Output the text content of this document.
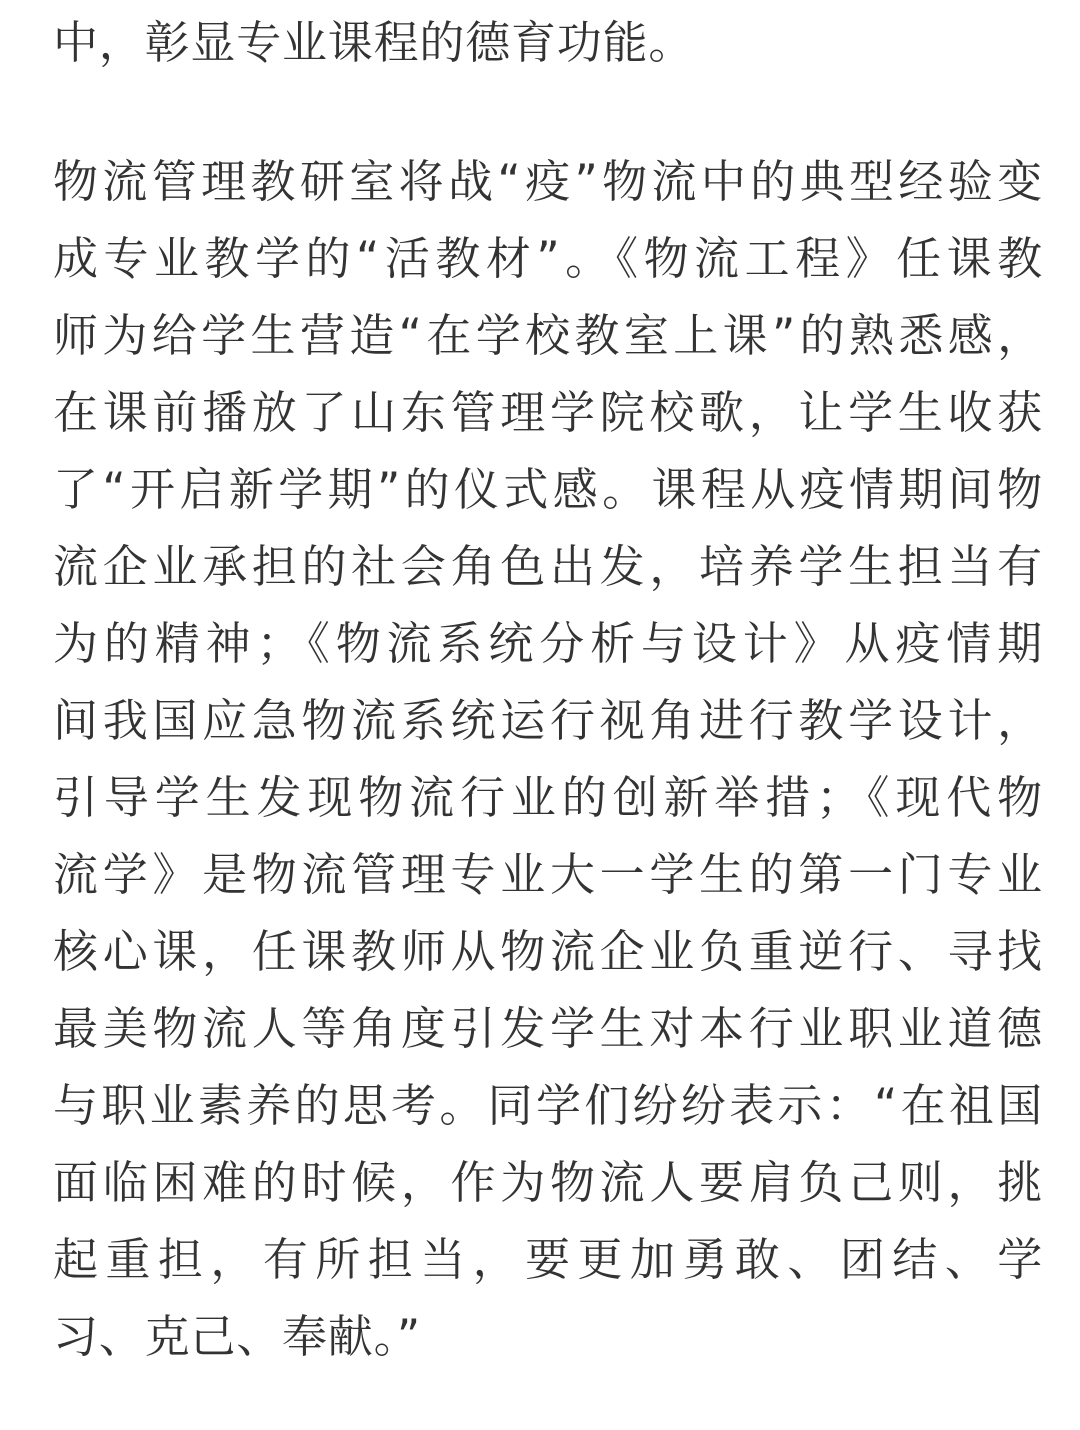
中，彰显专业课程的德育功能。
物流管理教研室将战“疫”物流中的典型经验变
成专业教学的“活教材”。《物流工程》任课教
师为给学生营造“在学校教室上课”的熟悉感，
在课前播放了山东管理学院校歌，让学生收获
了“开启新学期”的仪式感。课程从疫情期间物
流企业承担的社会角色出发，培养学生担当有
为的精神；《物流系统分析与设计》从疫情期
间我国应急物流系统运行视角进行教学设计，
引导学生发现物流行业的创新举措；《现代物
流学》是物流管理专业大一学生的第一门专业
核心课，任课教师从物流企业负重逆行、寻找
最美物流人等角度引发学生对本行业职业道德
与职业素养的思考。同学们纷纷表示：“在祖国
面临困难的时候，作为物流人要肩负己则，挑
起重担，有所担当，要更加勇敢、团结、学
习、克己、奉献。”
